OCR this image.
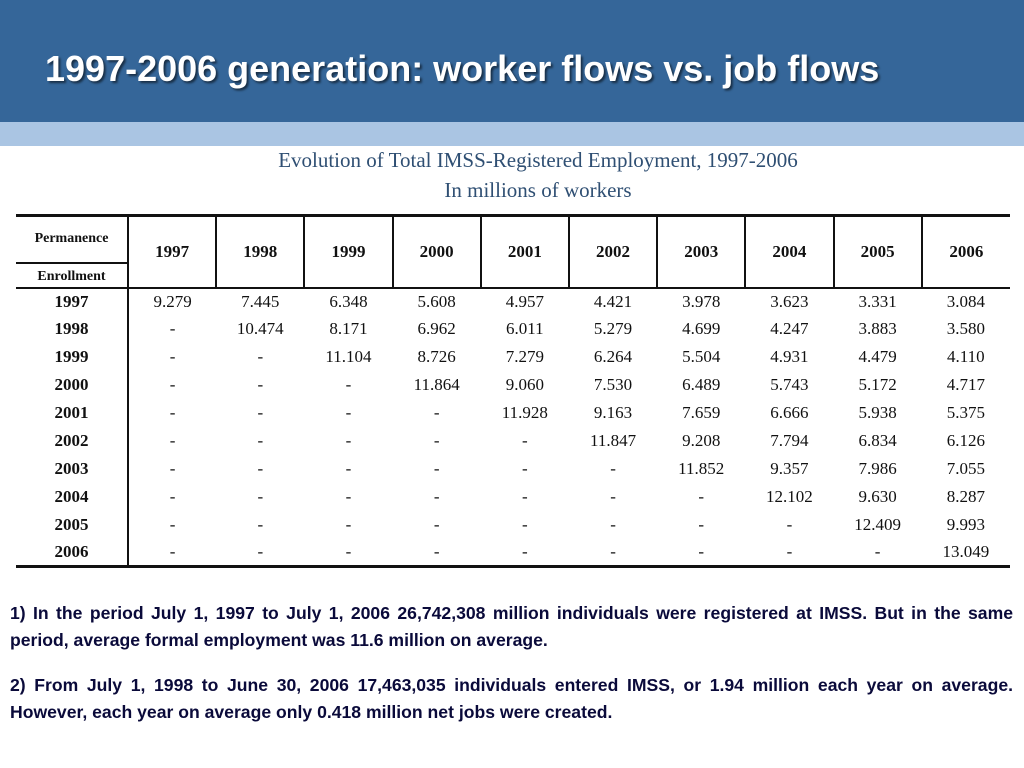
1997-2006 generation: worker flows vs. job flows
Evolution of Total IMSS-Registered Employment, 1997-2006
In millions of workers
Permanence	1997	1998	1999	2000	2001	2002	2003	2004	2005	2006
Enrollment										
1997	9.279	7.445	6.348	5.608	4.957	4.421	3.978	3.623	3.331	3.084
1998	-	10.474	8.171	6.962	6.011	5.279	4.699	4.247	3.883	3.580
1999	-	-	11.104	8.726	7.279	6.264	5.504	4.931	4.479	4.110
2000	-	-	-	11.864	9.060	7.530	6.489	5.743	5.172	4.717
2001	-	-	-	-	11.928	9.163	7.659	6.666	5.938	5.375
2002	-	-	-	-	-	11.847	9.208	7.794	6.834	6.126
2003	-	-	-	-	-	-	11.852	9.357	7.986	7.055
2004	-	-	-	-	-	-	-	12.102	9.630	8.287
2005	-	-	-	-	-	-	-	-	12.409	9.993
2006	-	-	-	-	-	-	-	-	-	13.049

1) In the period July 1, 1997 to July 1, 2006 26,742,308 million individuals were registered at IMSS. But in the same period, average formal employment was 11.6 million on average.

2) From July 1, 1998 to June 30, 2006 17,463,035 individuals entered IMSS, or 1.94 million each year on average. However, each year on average only 0.418 million net jobs were created.
